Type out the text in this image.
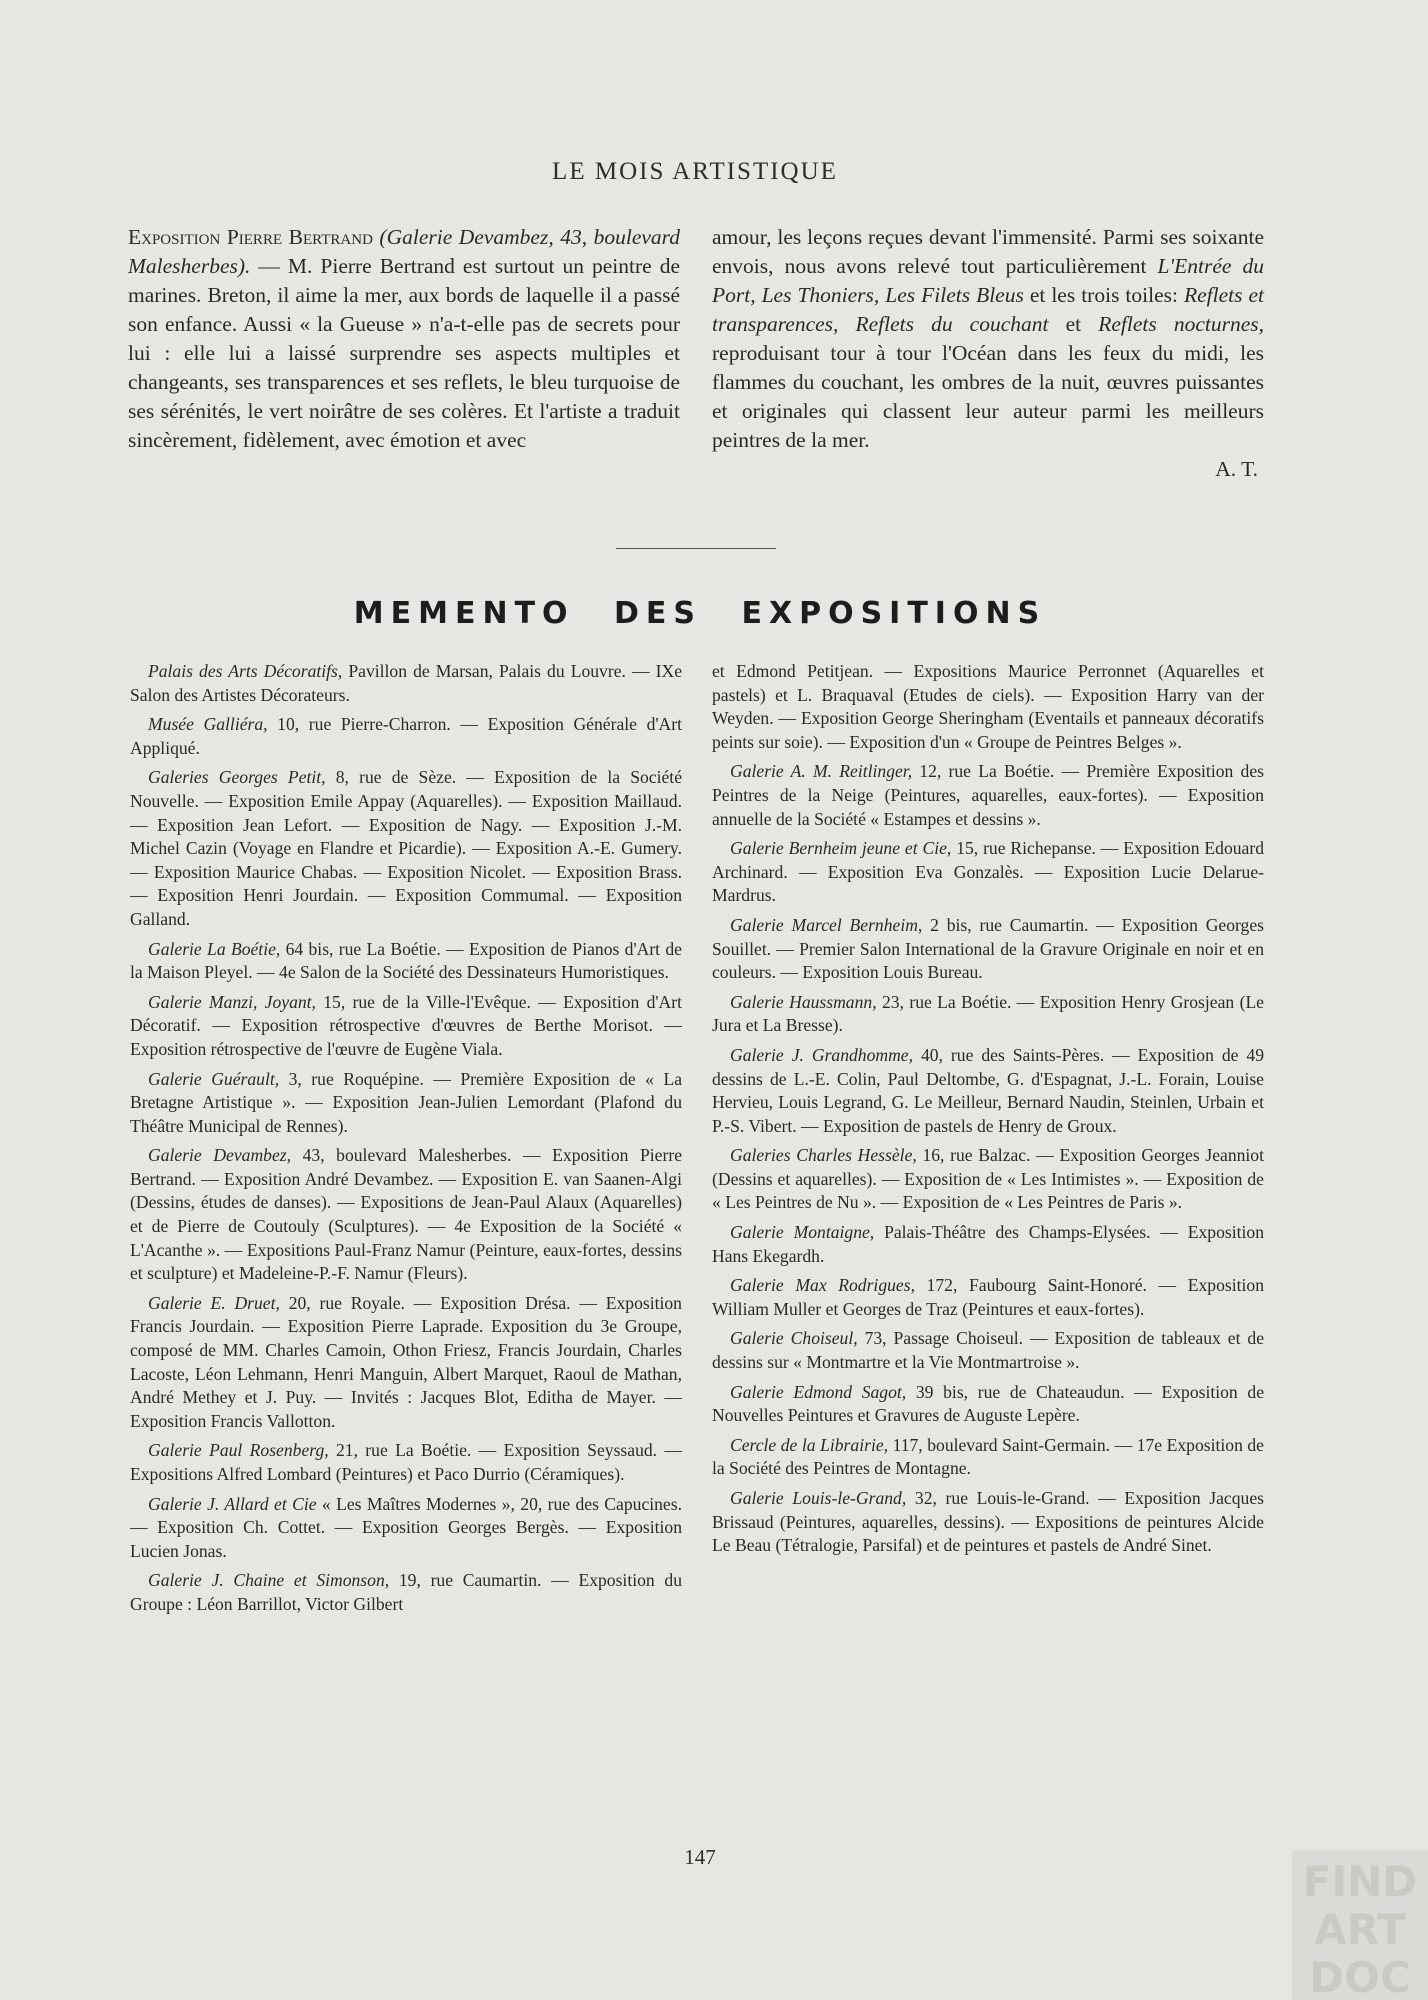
LE MOIS ARTISTIQUE

Exposition Pierre Bertrand (Galerie Devambez, 43, boulevard Malesherbes). — M. Pierre Bertrand est surtout un peintre de marines. Breton, il aime la mer, aux bords de laquelle il a passé son enfance. Aussi « la Gueuse » n'a-t-elle pas de secrets pour lui : elle lui a laissé surprendre ses aspects multiples et changeants, ses transparences et ses reflets, le bleu turquoise de ses sérénités, le vert noirâtre de ses colères. Et l'artiste a traduit sincèrement, fidèlement, avec émotion et avec

amour, les leçons reçues devant l'immensité. Parmi ses soixante envois, nous avons relevé tout particulièrement L'Entrée du Port, Les Thoniers, Les Filets Bleus et les trois toiles: Reflets et transparences, Reflets du couchant et Reflets nocturnes, reproduisant tour à tour l'Océan dans les feux du midi, les flammes du couchant, les ombres de la nuit, œuvres puissantes et originales qui classent leur auteur parmi les meilleurs peintres de la mer.

A. T.

MEMENTO DES EXPOSITIONS

Palais des Arts Décoratifs, Pavillon de Marsan, Palais du Louvre. — IXe Salon des Artistes Décorateurs.

Musée Galliéra, 10, rue Pierre-Charron. — Exposition Générale d'Art Appliqué.

Galeries Georges Petit, 8, rue de Sèze. — Exposition de la Société Nouvelle. — Exposition Emile Appay (Aquarelles). — Exposition Maillaud. — Exposition Jean Lefort. — Exposition de Nagy. — Exposition J.-M. Michel Cazin (Voyage en Flandre et Picardie). — Exposition A.-E. Gumery. — Exposition Maurice Chabas. — Exposition Nicolet. — Exposition Brass. — Exposition Henri Jourdain. — Exposition Commumal. — Exposition Galland.

Galerie La Boétie, 64 bis, rue La Boétie. — Exposition de Pianos d'Art de la Maison Pleyel. — 4e Salon de la Société des Dessinateurs Humoristiques.

Galerie Manzi, Joyant, 15, rue de la Ville-l'Evêque. — Exposition d'Art Décoratif. — Exposition rétrospective d'œuvres de Berthe Morisot. — Exposition rétrospective de l'œuvre de Eugène Viala.

Galerie Guérault, 3, rue Roquépine. — Première Exposition de « La Bretagne Artistique ». — Exposition Jean-Julien Lemordant (Plafond du Théâtre Municipal de Rennes).

Galerie Devambez, 43, boulevard Malesherbes. — Exposition Pierre Bertrand. — Exposition André Devambez. — Exposition E. van Saanen-Algi (Dessins, études de danses). — Expositions de Jean-Paul Alaux (Aquarelles) et de Pierre de Coutouly (Sculptures). — 4e Exposition de la Société « L'Acanthe ». — Expositions Paul-Franz Namur (Peinture, eaux-fortes, dessins et sculpture) et Madeleine-P.-F. Namur (Fleurs).

Galerie E. Druet, 20, rue Royale. — Exposition Drésa. — Exposition Francis Jourdain. — Exposition Pierre Laprade. Exposition du 3e Groupe, composé de MM. Charles Camoin, Othon Friesz, Francis Jourdain, Charles Lacoste, Léon Lehmann, Henri Manguin, Albert Marquet, Raoul de Mathan, André Methey et J. Puy. — Invités : Jacques Blot, Editha de Mayer. — Exposition Francis Vallotton.

Galerie Paul Rosenberg, 21, rue La Boétie. — Exposition Seyssaud. — Expositions Alfred Lombard (Peintures) et Paco Durrio (Céramiques).

Galerie J. Allard et Cie « Les Maîtres Modernes », 20, rue des Capucines. — Exposition Ch. Cottet. — Exposition Georges Bergès. — Exposition Lucien Jonas.

Galerie J. Chaine et Simonson, 19, rue Caumartin. — Exposition du Groupe : Léon Barrillot, Victor Gilbert

et Edmond Petitjean. — Expositions Maurice Perronnet (Aquarelles et pastels) et L. Braquaval (Etudes de ciels). — Exposition Harry van der Weyden. — Exposition George Sheringham (Eventails et panneaux décoratifs peints sur soie). — Exposition d'un « Groupe de Peintres Belges ».

Galerie A. M. Reitlinger, 12, rue La Boétie. — Première Exposition des Peintres de la Neige (Peintures, aquarelles, eaux-fortes). — Exposition annuelle de la Société « Estampes et dessins ».

Galerie Bernheim jeune et Cie, 15, rue Richepanse. — Exposition Edouard Archinard. — Exposition Eva Gonzalès. — Exposition Lucie Delarue-Mardrus.

Galerie Marcel Bernheim, 2 bis, rue Caumartin. — Exposition Georges Souillet. — Premier Salon International de la Gravure Originale en noir et en couleurs. — Exposition Louis Bureau.

Galerie Haussmann, 23, rue La Boétie. — Exposition Henry Grosjean (Le Jura et La Bresse).

Galerie J. Grandhomme, 40, rue des Saints-Pères. — Exposition de 49 dessins de L.-E. Colin, Paul Deltombe, G. d'Espagnat, J.-L. Forain, Louise Hervieu, Louis Legrand, G. Le Meilleur, Bernard Naudin, Steinlen, Urbain et P.-S. Vibert. — Exposition de pastels de Henry de Groux.

Galeries Charles Hessèle, 16, rue Balzac. — Exposition Georges Jeanniot (Dessins et aquarelles). — Exposition de « Les Intimistes ». — Exposition de « Les Peintres de Nu ». — Exposition de « Les Peintres de Paris ».

Galerie Montaigne, Palais-Théâtre des Champs-Elysées. — Exposition Hans Ekegardh.

Galerie Max Rodrigues, 172, Faubourg Saint-Honoré. — Exposition William Muller et Georges de Traz (Peintures et eaux-fortes).

Galerie Choiseul, 73, Passage Choiseul. — Exposition de tableaux et de dessins sur « Montmartre et la Vie Montmartroise ».

Galerie Edmond Sagot, 39 bis, rue de Chateaudun. — Exposition de Nouvelles Peintures et Gravures de Auguste Lepère.

Cercle de la Librairie, 117, boulevard Saint-Germain. — 17e Exposition de la Société des Peintres de Montagne.

Galerie Louis-le-Grand, 32, rue Louis-le-Grand. — Exposition Jacques Brissaud (Peintures, aquarelles, dessins). — Expositions de peintures Alcide Le Beau (Tétralogie, Parsifal) et de peintures et pastels de André Sinet.

147	FIND
ART
DOC
